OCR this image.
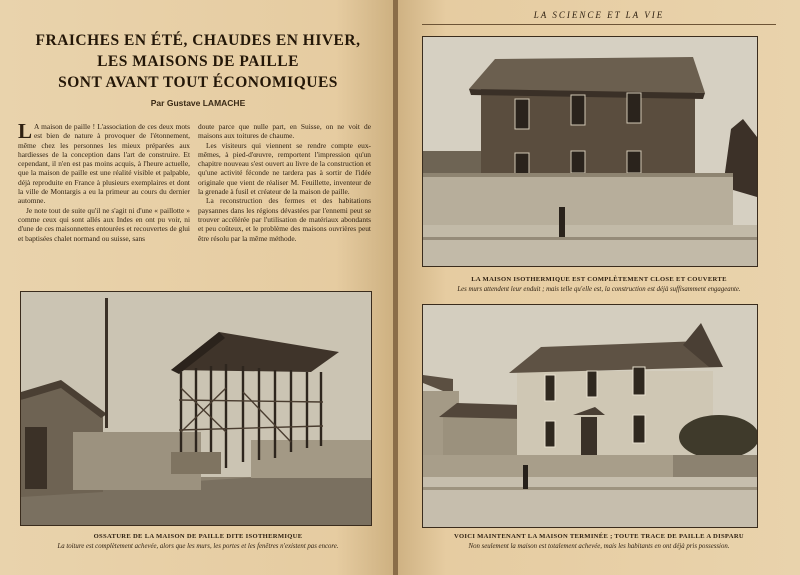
FRAICHES EN ÉTÉ, CHAUDES EN HIVER,
LES MAISONS DE PAILLE
SONT AVANT TOUT ÉCONOMIQUES
Par Gustave LAMACHE

L A maison de paille ! L'association de ces deux mots est bien de nature à provoquer de l'étonnement, même chez les personnes les mieux préparées aux hardiesses de la conception dans l'art de construire. Et cependant, il n'en est pas moins acquis, à l'heure actuelle, que la maison de paille est une réalité visible et palpable, déjà reproduite en France à plusieurs exemplaires et dont la ville de Montargis a eu la primeur au cours du dernier automne.

Je note tout de suite qu'il ne s'agit ni d'une « paillotte » comme ceux qui sont allés aux Indes en ont pu voir, ni d'une de ces maisonnettes entourées et recouvertes de glui et baptisées chalet normand ou suisse, sans

doute parce que nulle part, en Suisse, on ne voit de maisons aux toitures de chaume.

Les visiteurs qui viennent se rendre compte eux-mêmes, à pied-d'œuvre, remportent l'impression qu'un chapitre nouveau s'est ouvert au livre de la construction et qu'une activité féconde ne tardera pas à sortir de l'idée originale que vient de réaliser M. Feuillette, inventeur de la grenade à fusil et créateur de la maison de paille.

La reconstruction des fermes et des habitations paysannes dans les régions dévastées par l'ennemi peut se trouver accélérée par l'utilisation de matériaux abondants et peu coûteux, et le problème des maisons ouvrières peut être résolu par la même méthode.

OSSATURE DE LA MAISON DE PAILLE DITE ISOTHERMIQUE
La toiture est complètement achevée, alors que les murs, les portes et les fenêtres n'existent pas encore.
LA SCIENCE ET LA VIE
LA MAISON ISOTHERMIQUE EST COMPLÈTEMENT CLOSE ET COUVERTE
Les murs attendent leur enduit ; mais telle qu'elle est, la construction est déjà suffisamment engageante.
VOICI MAINTENANT LA MAISON TERMINÉE ; TOUTE TRACE DE PAILLE A DISPARU
Non seulement la maison est totalement achevée, mais les habitants en ont déjà pris possession.
